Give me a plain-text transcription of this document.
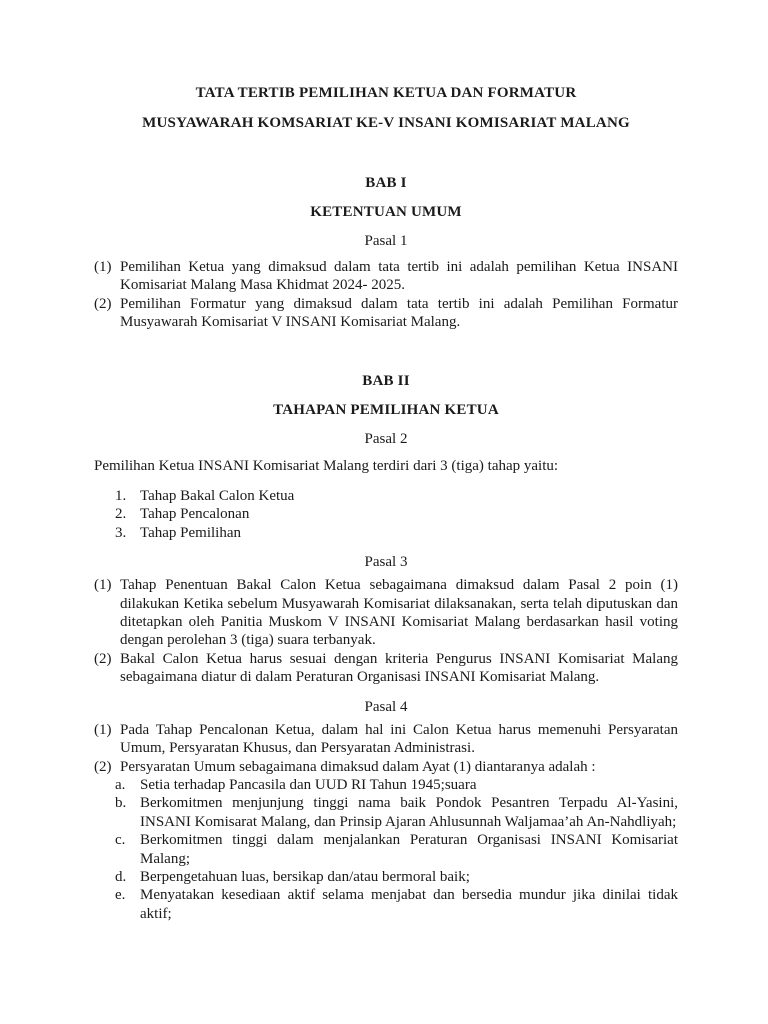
TATA TERTIB PEMILIHAN KETUA DAN FORMATUR
MUSYAWARAH KOMSARIAT KE-V INSANI KOMISARIAT MALANG
BAB I
KETENTUAN UMUM
Pasal 1
(1) Pemilihan Ketua yang dimaksud dalam tata tertib ini adalah pemilihan Ketua INSANI Komisariat Malang Masa Khidmat 2024- 2025.
(2) Pemilihan Formatur yang dimaksud dalam tata tertib ini adalah Pemilihan Formatur Musyawarah Komisariat V INSANI Komisariat Malang.
BAB II
TAHAPAN PEMILIHAN KETUA
Pasal 2

Pemilihan Ketua INSANI Komisariat Malang terdiri dari 3 (tiga) tahap yaitu:

1. Tahap Bakal Calon Ketua
2. Tahap Pencalonan
3. Tahap Pemilihan
Pasal 3
(1) Tahap Penentuan Bakal Calon Ketua sebagaimana dimaksud dalam Pasal 2 poin (1) dilakukan Ketika sebelum Musyawarah Komisariat dilaksanakan, serta telah diputuskan dan ditetapkan oleh Panitia Muskom V INSANI Komisariat Malang berdasarkan hasil voting dengan perolehan 3 (tiga) suara terbanyak.
(2) Bakal Calon Ketua harus sesuai dengan kriteria Pengurus INSANI Komisariat Malang sebagaimana diatur di dalam Peraturan Organisasi INSANI Komisariat Malang.
Pasal 4
(1) Pada Tahap Pencalonan Ketua, dalam hal ini Calon Ketua harus memenuhi Persyaratan Umum, Persyaratan Khusus, dan Persyaratan Administrasi.
(2) Persyaratan Umum sebagaimana dimaksud dalam Ayat (1) diantaranya adalah :
a. Setia terhadap Pancasila dan UUD RI Tahun 1945;suara
b. Berkomitmen menjunjung tinggi nama baik Pondok Pesantren Terpadu Al-Yasini, INSANI Komisarat Malang, dan Prinsip Ajaran Ahlusunnah Waljamaa’ah An-Nahdliyah;
c. Berkomitmen tinggi dalam menjalankan Peraturan Organisasi INSANI Komisariat Malang;
d. Berpengetahuan luas, bersikap dan/atau bermoral baik;
e. Menyatakan kesediaan aktif selama menjabat dan bersedia mundur jika dinilai tidak aktif;
